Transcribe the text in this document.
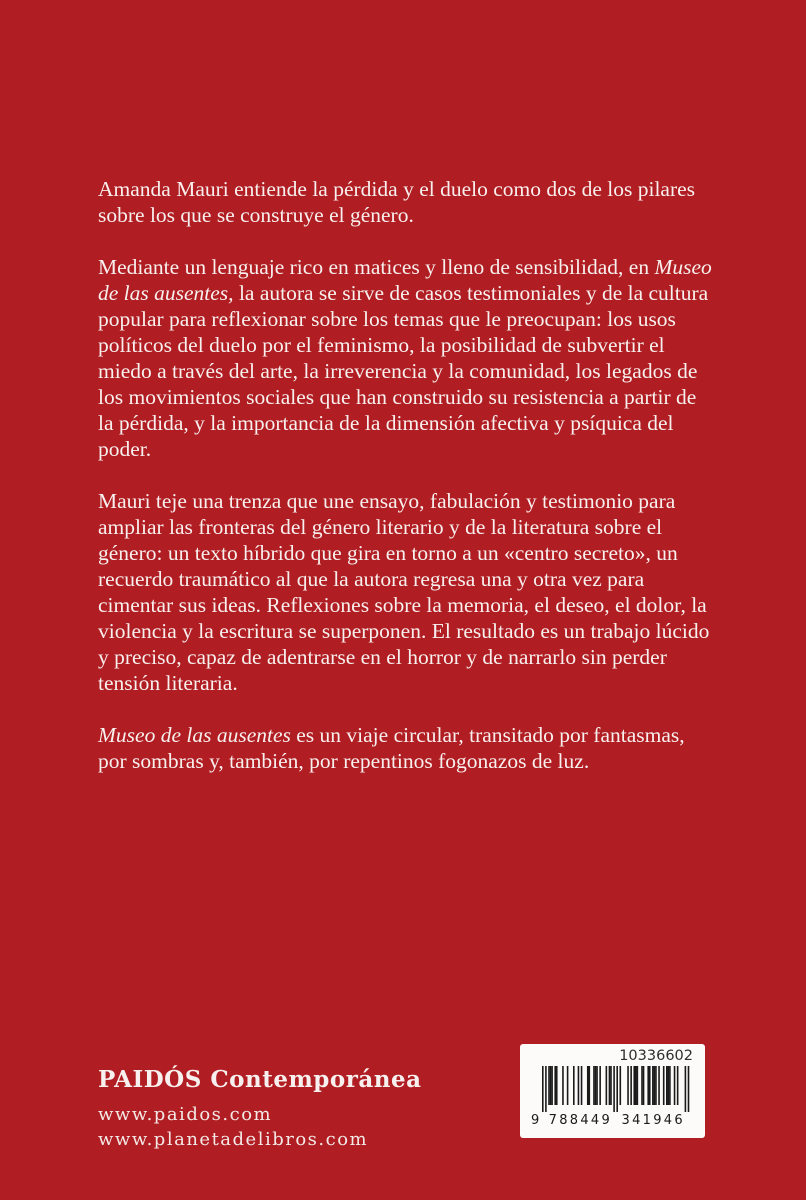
Amanda Mauri entiende la pérdida y el duelo como dos de los pilares sobre los que se construye el género.

Mediante un lenguaje rico en matices y lleno de sensibilidad, en Museo de las ausentes, la autora se sirve de casos testimoniales y de la cultura popular para reflexionar sobre los temas que le preocupan: los usos políticos del duelo por el feminismo, la posibilidad de subvertir el miedo a través del arte, la irreverencia y la comunidad, los legados de los movimientos sociales que han construido su resistencia a partir de la pérdida, y la importancia de la dimensión afectiva y psíquica del poder.

Mauri teje una trenza que une ensayo, fabulación y testimonio para ampliar las fronteras del género literario y de la literatura sobre el género: un texto híbrido que gira en torno a un «centro secreto», un recuerdo traumático al que la autora regresa una y otra vez para cimentar sus ideas. Reflexiones sobre la memoria, el deseo, el dolor, la violencia y la escritura se superponen. El resultado es un trabajo lúcido y preciso, capaz de adentrarse en el horror y de narrarlo sin perder tensión literaria.

Museo de las ausentes es un viaje circular, transitado por fantasmas, por sombras y, también, por repentinos fogonazos de luz.

PAIDÓS Contemporánea

www.paidos.com

www.planetadelibros.com

10336602
9 788449 341946
